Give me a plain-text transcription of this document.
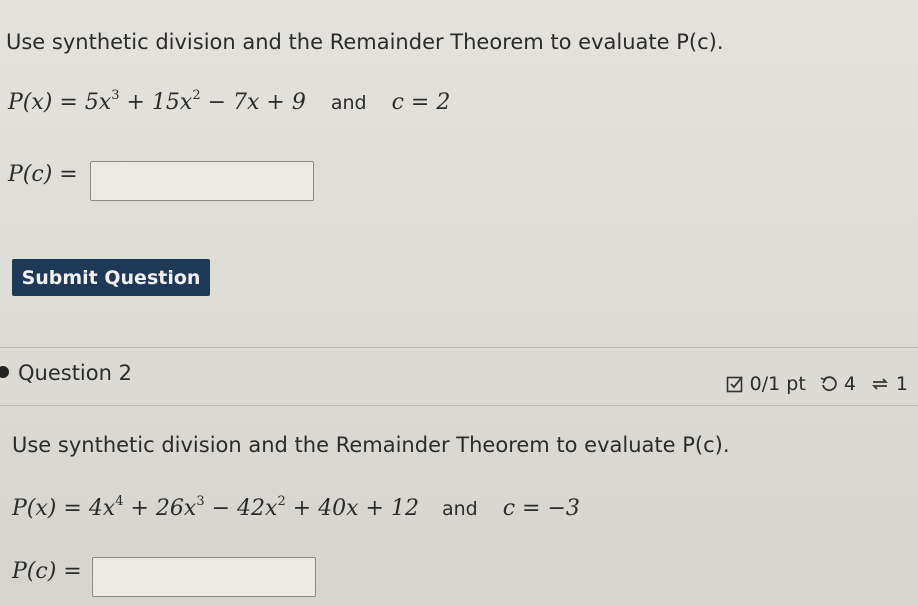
Use synthetic division and the Remainder Theorem to evaluate P(c).
$P(x) = 5x^3 + 15x^2 - 7x + 9$ and c = 2
P(c) =
Submit Question
Question 2	0/1 pt 4 1
Use synthetic division and the Remainder Theorem to evaluate P(c).
$P(x) = 4x^4 + 26x^3 - 42x^2 + 40x + 12$ and c = −3
P(c) =
